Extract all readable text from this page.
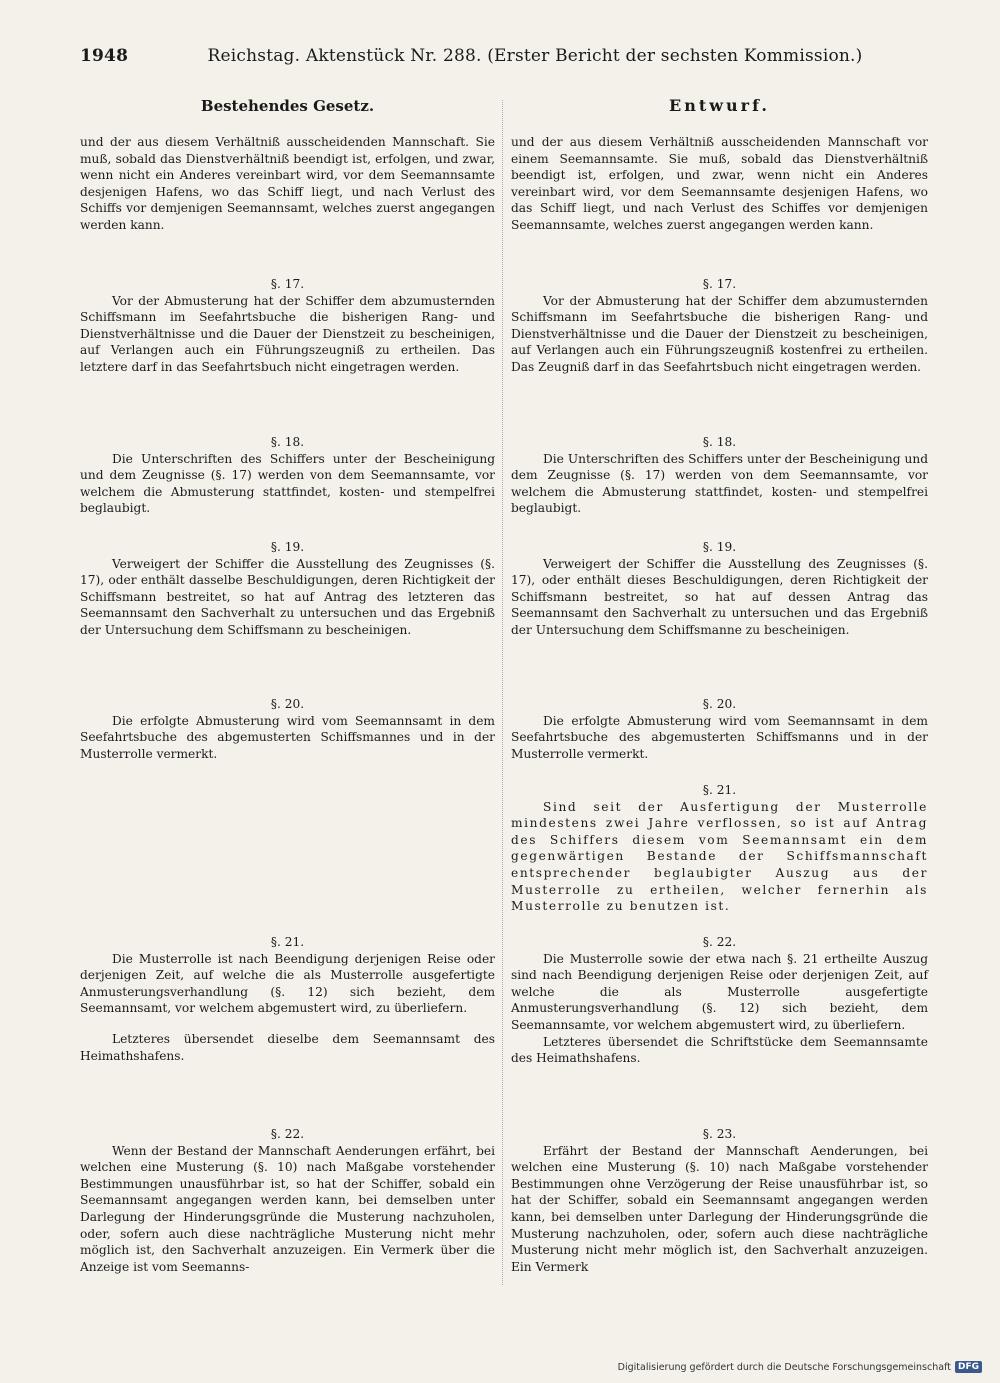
1948	Reichstag. Aktenstück Nr. 288. (Erster Bericht der sechsten Kommission.)
Bestehendes Gesetz.

und der aus diesem Verhältniß ausscheidenden Mannschaft. Sie muß, sobald das Dienstverhältniß beendigt ist, erfolgen, und zwar, wenn nicht ein Anderes vereinbart wird, vor dem Seemannsamte desjenigen Hafens, wo das Schiff liegt, und nach Verlust des Schiffs vor demjenigen Seemannsamt, welches zuerst angegangen werden kann.

§. 17.

Vor der Abmusterung hat der Schiffer dem abzumusternden Schiffsmann im Seefahrtsbuche die bisherigen Rang- und Dienstverhältnisse und die Dauer der Dienstzeit zu bescheinigen, auf Verlangen auch ein Führungszeugniß zu ertheilen. Das letztere darf in das Seefahrtsbuch nicht eingetragen werden.

§. 18.

Die Unterschriften des Schiffers unter der Bescheinigung und dem Zeugnisse (§. 17) werden von dem Seemannsamte, vor welchem die Abmusterung stattfindet, kosten- und stempelfrei beglaubigt.

§. 19.

Verweigert der Schiffer die Ausstellung des Zeugnisses (§. 17), oder enthält dasselbe Beschuldigungen, deren Richtigkeit der Schiffsmann bestreitet, so hat auf Antrag des letzteren das Seemannsamt den Sachverhalt zu untersuchen und das Ergebniß der Untersuchung dem Schiffsmann zu bescheinigen.

§. 20.

Die erfolgte Abmusterung wird vom Seemannsamt in dem Seefahrtsbuche des abgemusterten Schiffsmannes und in der Musterrolle vermerkt.

§. 21.

Die Musterrolle ist nach Beendigung derjenigen Reise oder derjenigen Zeit, auf welche die als Musterrolle ausgefertigte Anmusterungsverhandlung (§. 12) sich bezieht, dem Seemannsamt, vor welchem abgemustert wird, zu überliefern.

Letzteres übersendet dieselbe dem Seemannsamt des Heimathshafens.

§. 22.

Wenn der Bestand der Mannschaft Aenderungen erfährt, bei welchen eine Musterung (§. 10) nach Maßgabe vorstehender Bestimmungen unausführbar ist, so hat der Schiffer, sobald ein Seemannsamt angegangen werden kann, bei demselben unter Darlegung der Hinderungsgründe die Musterung nachzuholen, oder, sofern auch diese nachträgliche Musterung nicht mehr möglich ist, den Sachverhalt anzuzeigen. Ein Vermerk über die Anzeige ist vom Seemanns-

Entwurf.

und der aus diesem Verhältniß ausscheidenden Mannschaft vor einem Seemannsamte. Sie muß, sobald das Dienstverhältniß beendigt ist, erfolgen, und zwar, wenn nicht ein Anderes vereinbart wird, vor dem Seemannsamte desjenigen Hafens, wo das Schiff liegt, und nach Verlust des Schiffes vor demjenigen Seemannsamte, welches zuerst angegangen werden kann.

§. 17.

Vor der Abmusterung hat der Schiffer dem abzumusternden Schiffsmann im Seefahrtsbuche die bisherigen Rang- und Dienstverhältnisse und die Dauer der Dienstzeit zu bescheinigen, auf Verlangen auch ein Führungszeugniß kostenfrei zu ertheilen. Das Zeugniß darf in das Seefahrtsbuch nicht eingetragen werden.

§. 18.

Die Unterschriften des Schiffers unter der Bescheinigung und dem Zeugnisse (§. 17) werden von dem Seemannsamte, vor welchem die Abmusterung stattfindet, kosten- und stempelfrei beglaubigt.

§. 19.

Verweigert der Schiffer die Ausstellung des Zeugnisses (§. 17), oder enthält dieses Beschuldigungen, deren Richtigkeit der Schiffsmann bestreitet, so hat auf dessen Antrag das Seemannsamt den Sachverhalt zu untersuchen und das Ergebniß der Untersuchung dem Schiffsmanne zu bescheinigen.

§. 20.

Die erfolgte Abmusterung wird vom Seemannsamt in dem Seefahrtsbuche des abgemusterten Schiffsmanns und in der Musterrolle vermerkt.

§. 21.

Sind seit der Ausfertigung der Musterrolle mindestens zwei Jahre verflossen, so ist auf Antrag des Schiffers diesem vom Seemannsamt ein dem gegenwärtigen Bestande der Schiffsmannschaft entsprechender beglaubigter Auszug aus der Musterrolle zu ertheilen, welcher fernerhin als Musterrolle zu benutzen ist.

§. 22.

Die Musterrolle sowie der etwa nach §. 21 ertheilte Auszug sind nach Beendigung derjenigen Reise oder derjenigen Zeit, auf welche die als Musterrolle ausgefertigte Anmusterungsverhandlung (§. 12) sich bezieht, dem Seemannsamte, vor welchem abgemustert wird, zu überliefern.

Letzteres übersendet die Schriftstücke dem Seemannsamte des Heimathshafens.

§. 23.

Erfährt der Bestand der Mannschaft Aenderungen, bei welchen eine Musterung (§. 10) nach Maßgabe vorstehender Bestimmungen ohne Verzögerung der Reise unausführbar ist, so hat der Schiffer, sobald ein Seemannsamt angegangen werden kann, bei demselben unter Darlegung der Hinderungsgründe die Musterung nachzuholen, oder, sofern auch diese nachträgliche Musterung nicht mehr möglich ist, den Sachverhalt anzuzeigen. Ein Vermerk

Digitalisierung gefördert durch die Deutsche Forschungsgemeinschaft DFG
